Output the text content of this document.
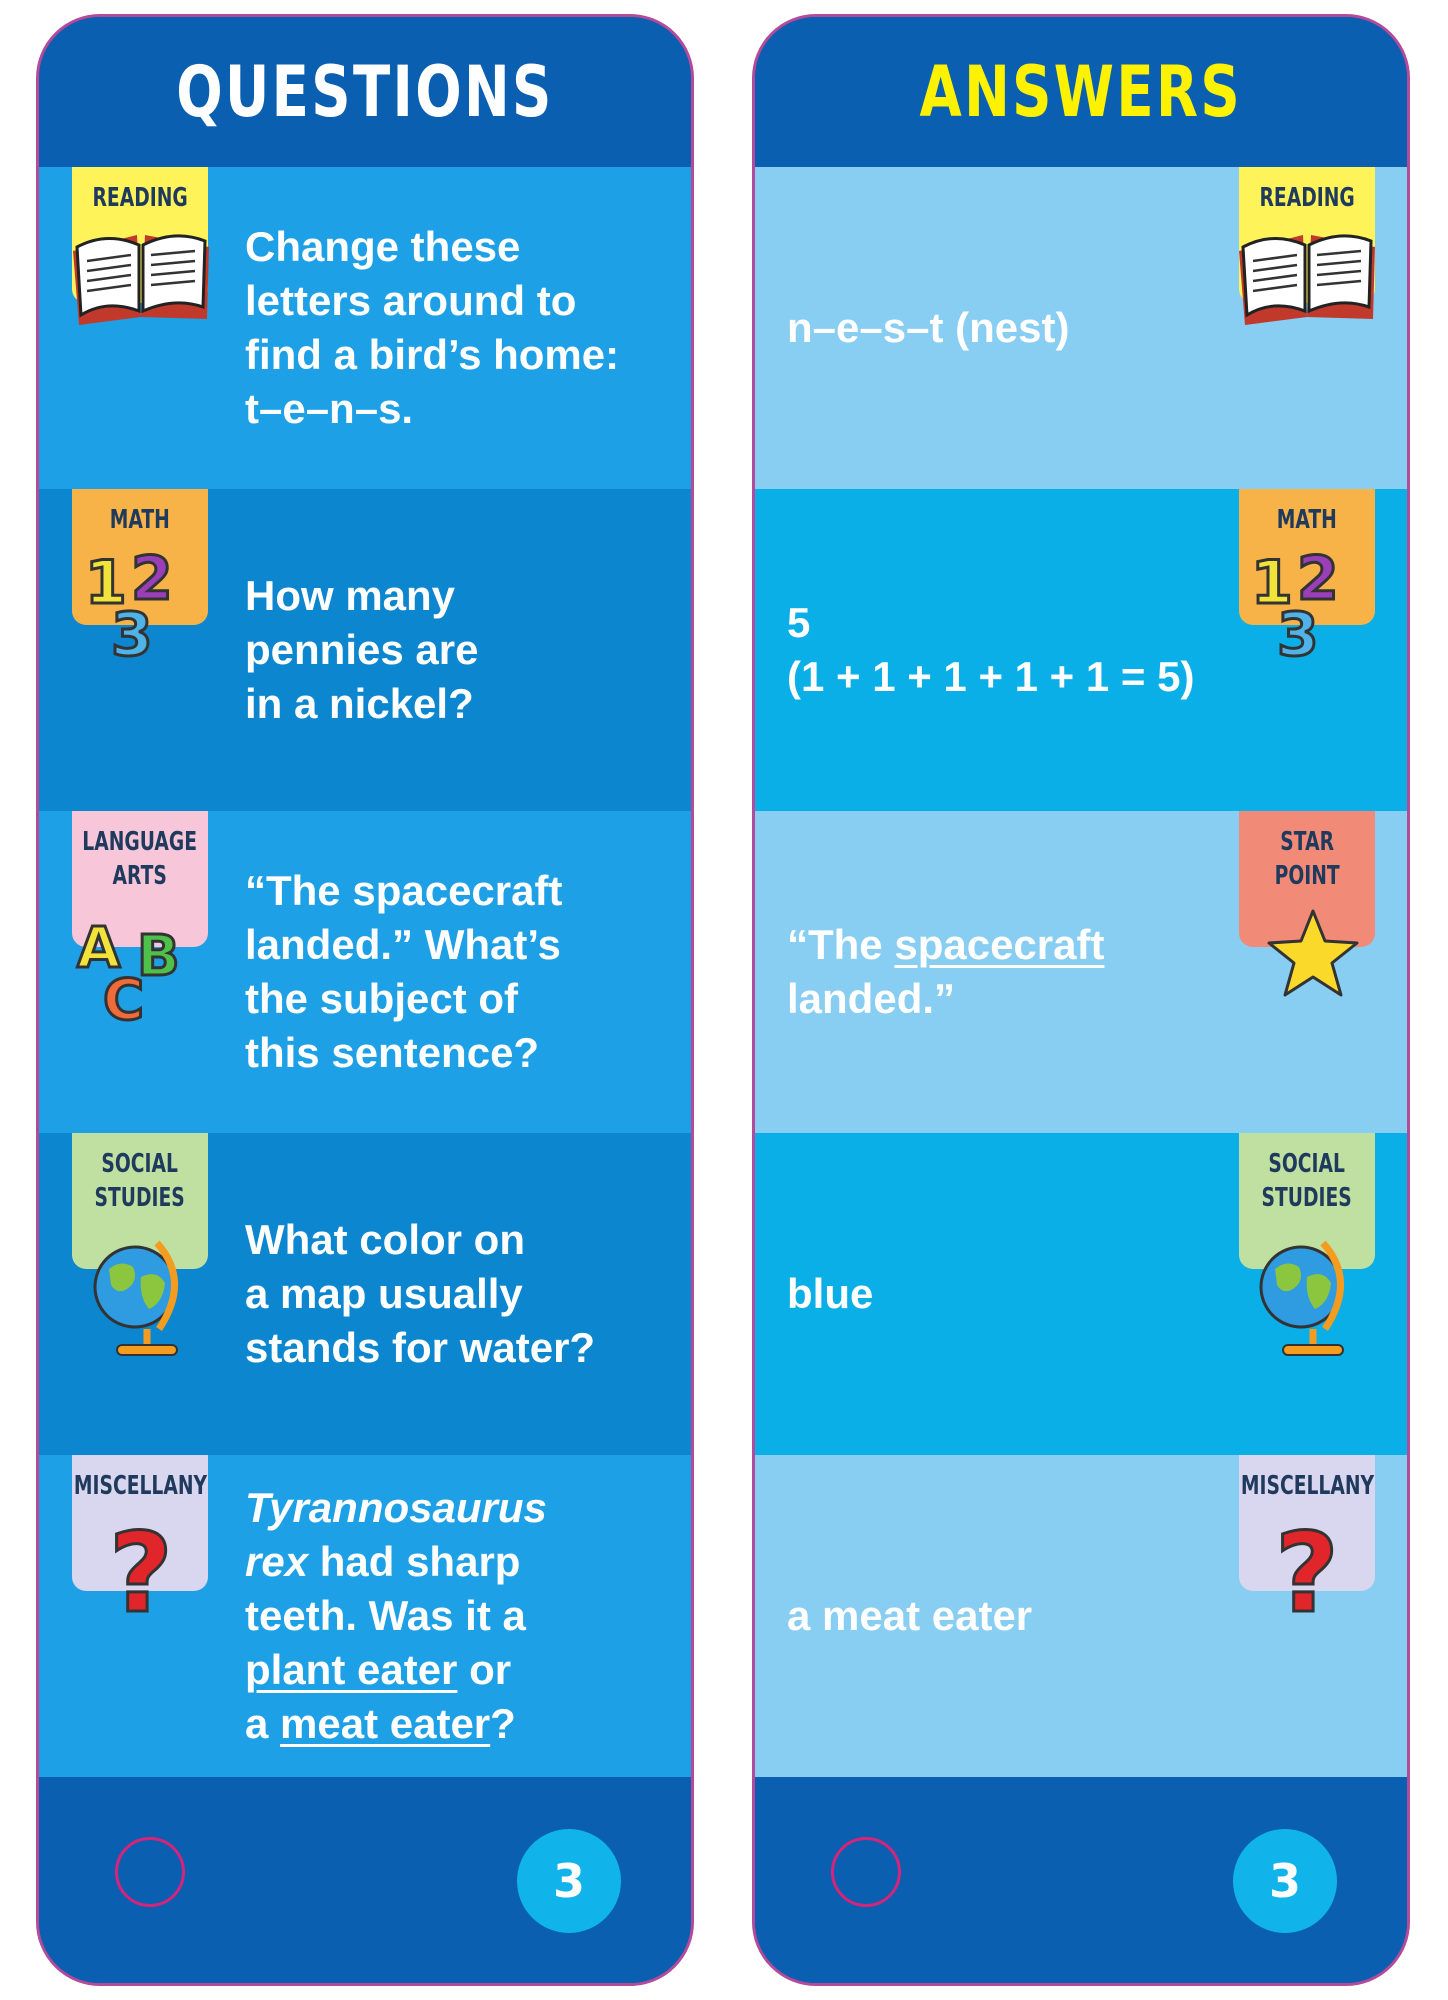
QUESTIONS
READING
Change these
letters around to
find a bird’s home:
t–e–n–s.
MATH
1 2
3
How many
pennies are
in a nickel?
LANGUAGE
ARTS
A B
C
“The spacecraft
landed.” What’s
the subject of
this sentence?
SOCIAL
STUDIES
What color on
a map usually
stands for water?
MISCELLANY
?
Tyrannosaurus
rex had sharp
teeth. Was it a
plant eater or
a meat eater?
3
ANSWERS
READING
n–e–s–t (nest)
MATH
1 2
3
5
(1 + 1 + 1 + 1 + 1 = 5)
STAR
POINT
“The spacecraft
landed.”
SOCIAL
STUDIES
blue
MISCELLANY
?
a meat eater
3
